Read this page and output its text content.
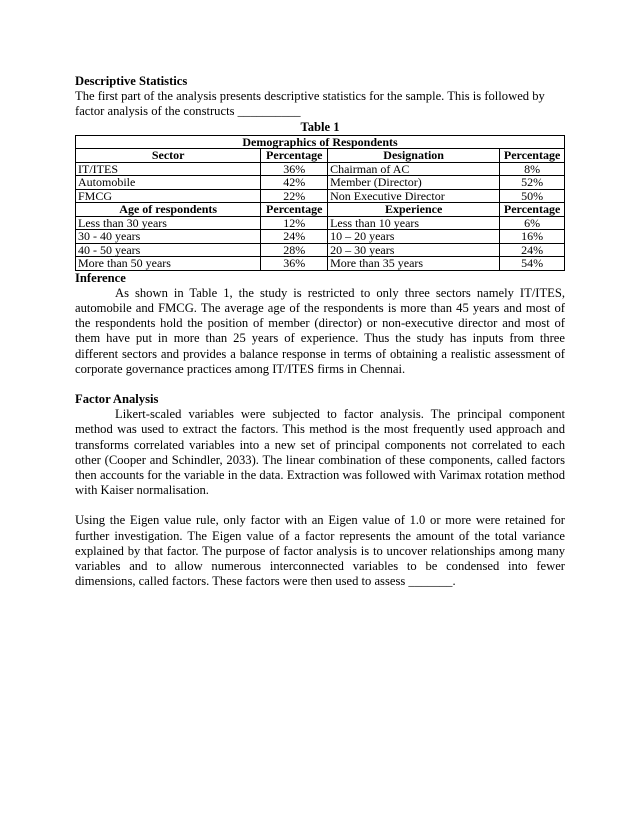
Descriptive Statistics

The first part of the analysis presents descriptive statistics for the sample. This is followed by factor analysis of the constructs __________

Table 1

Demographics of Respondents			
Sector	Percentage	Designation	Percentage
IT/ITES	36%	Chairman of AC	8%
Automobile	42%	Member (Director)	52%
FMCG	22%	Non Executive Director	50%
Age of respondents	Percentage	Experience	Percentage
Less than 30 years	12%	Less than 10 years	6%
30 - 40 years	24%	10 – 20 years	16%
40 - 50 years	28%	20 – 30 years	24%
More than 50 years	36%	More than 35 years	54%

Inference

As shown in Table 1, the study is restricted to only three sectors namely IT/ITES, automobile and FMCG. The average age of the respondents is more than 45 years and most of the respondents hold the position of member (director) or non-executive director and most of them have put in more than 25 years of experience. Thus the study has inputs from three different sectors and provides a balance response in terms of obtaining a realistic assessment of corporate governance practices among IT/ITES firms in Chennai.

Factor Analysis

Likert-scaled variables were subjected to factor analysis. The principal component method was used to extract the factors. This method is the most frequently used approach and transforms correlated variables into a new set of principal components not correlated to each other (Cooper and Schindler, 2033). The linear combination of these components, called factors then accounts for the variable in the data. Extraction was followed with Varimax rotation method with Kaiser normalisation.

Using the Eigen value rule, only factor with an Eigen value of 1.0 or more were retained for further investigation. The Eigen value of a factor represents the amount of the total variance explained by that factor. The purpose of factor analysis is to uncover relationships among many variables and to allow numerous interconnected variables to be condensed into fewer dimensions, called factors. These factors were then used to assess _______.
